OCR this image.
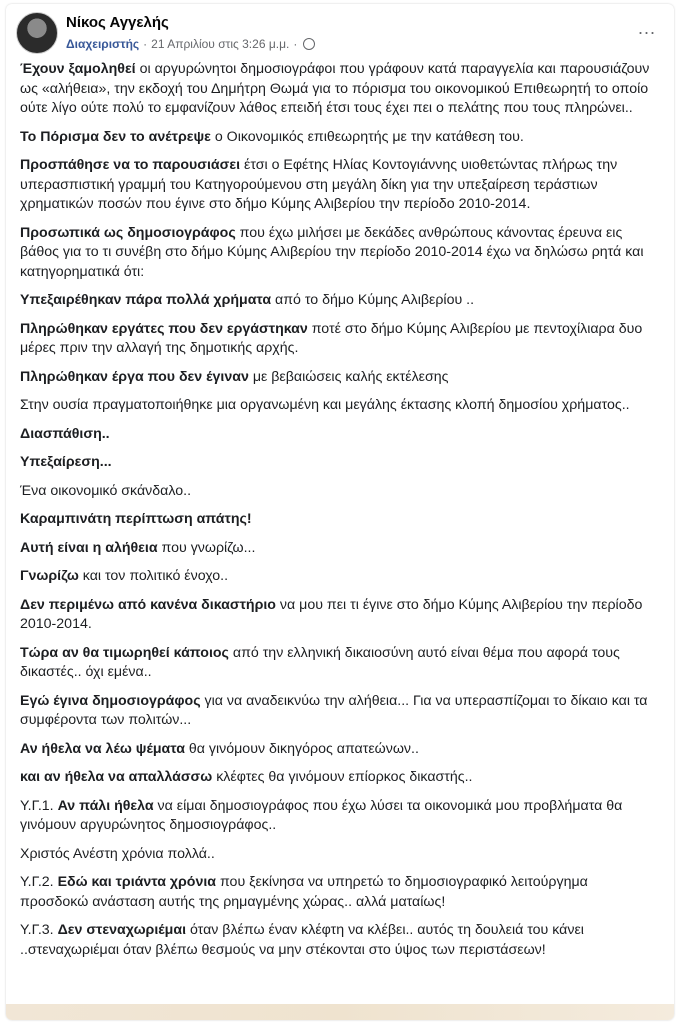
Νίκος Αγγελής
Διαχειριστής · 21 Απριλίου στις 3:26 μ.μ. ·
...

Έχουν ξαμοληθεί οι αργυρώνητοι δημοσιογράφοι που γράφουν κατά παραγγελία και παρουσιάζουν ως «αλήθεια», την εκδοχή του Δημήτρη Θωμά για το πόρισμα του οικονομικού Επιθεωρητή το οποίο ούτε λίγο ούτε πολύ το εμφανίζουν λάθος επειδή έτσι τους έχει πει ο πελάτης που τους πληρώνει..

Το Πόρισμα δεν το ανέτρεψε ο Οικονομικός επιθεωρητής με την κατάθεση του.

Προσπάθησε να το παρουσιάσει έτσι ο Εφέτης Ηλίας Κοντογιάννης υιοθετώντας πλήρως την υπερασπιστική γραμμή του Κατηγορούμενου στη μεγάλη δίκη για την υπεξαίρεση τεράστιων χρηματικών ποσών που έγινε στο δήμο Κύμης Αλιβερίου την περίοδο 2010-2014.

Προσωπικά ως δημοσιογράφος που έχω μιλήσει με δεκάδες ανθρώπους κάνοντας έρευνα εις βάθος για το τι συνέβη στο δήμο Κύμης Αλιβερίου την περίοδο 2010-2014 έχω να δηλώσω ρητά και κατηγορηματικά ότι:

Υπεξαιρέθηκαν πάρα πολλά χρήματα από το δήμο Κύμης Αλιβερίου ..

Πληρώθηκαν εργάτες που δεν εργάστηκαν ποτέ στο δήμο Κύμης Αλιβερίου με πεντοχίλιαρα δυο μέρες πριν την αλλαγή της δημοτικής αρχής.

Πληρώθηκαν έργα που δεν έγιναν με βεβαιώσεις καλής εκτέλεσης

Στην ουσία πραγματοποιήθηκε μια οργανωμένη και μεγάλης έκτασης κλοπή δημοσίου χρήματος..

Διασπάθιση..

Υπεξαίρεση...

Ένα οικονομικό σκάνδαλο..

Καραμπινάτη περίπτωση απάτης!

Αυτή είναι η αλήθεια που γνωρίζω...

Γνωρίζω και τον πολιτικό ένοχο..

Δεν περιμένω από κανένα δικαστήριο να μου πει τι έγινε στο δήμο Κύμης Αλιβερίου την περίοδο 2010-2014.

Τώρα αν θα τιμωρηθεί κάποιος από την ελληνική δικαιοσύνη αυτό είναι θέμα που αφορά τους δικαστές.. όχι εμένα..

Εγώ έγινα δημοσιογράφος για να αναδεικνύω την αλήθεια... Για να υπερασπίζομαι το δίκαιο και τα συμφέροντα των πολιτών...

Αν ήθελα να λέω ψέματα θα γινόμουν δικηγόρος απατεώνων..

και αν ήθελα να απαλλάσσω κλέφτες θα γινόμουν επίορκος δικαστής..

Υ.Γ.1. Αν πάλι ήθελα να είμαι δημοσιογράφος που έχω λύσει τα οικονομικά μου προβλήματα θα γινόμουν αργυρώνητος δημοσιογράφος..

Χριστός Ανέστη χρόνια πολλά..

Υ.Γ.2. Εδώ και τριάντα χρόνια που ξεκίνησα να υπηρετώ το δημοσιογραφικό λειτούργημα προσδοκώ ανάσταση αυτής της ρημαγμένης χώρας.. αλλά ματαίως!

Υ.Γ.3. Δεν στεναχωριέμαι όταν βλέπω έναν κλέφτη να κλέβει.. αυτός τη δουλειά του κάνει ..στεναχωριέμαι όταν βλέπω θεσμούς να μην στέκονται στο ύψος των περιστάσεων!
